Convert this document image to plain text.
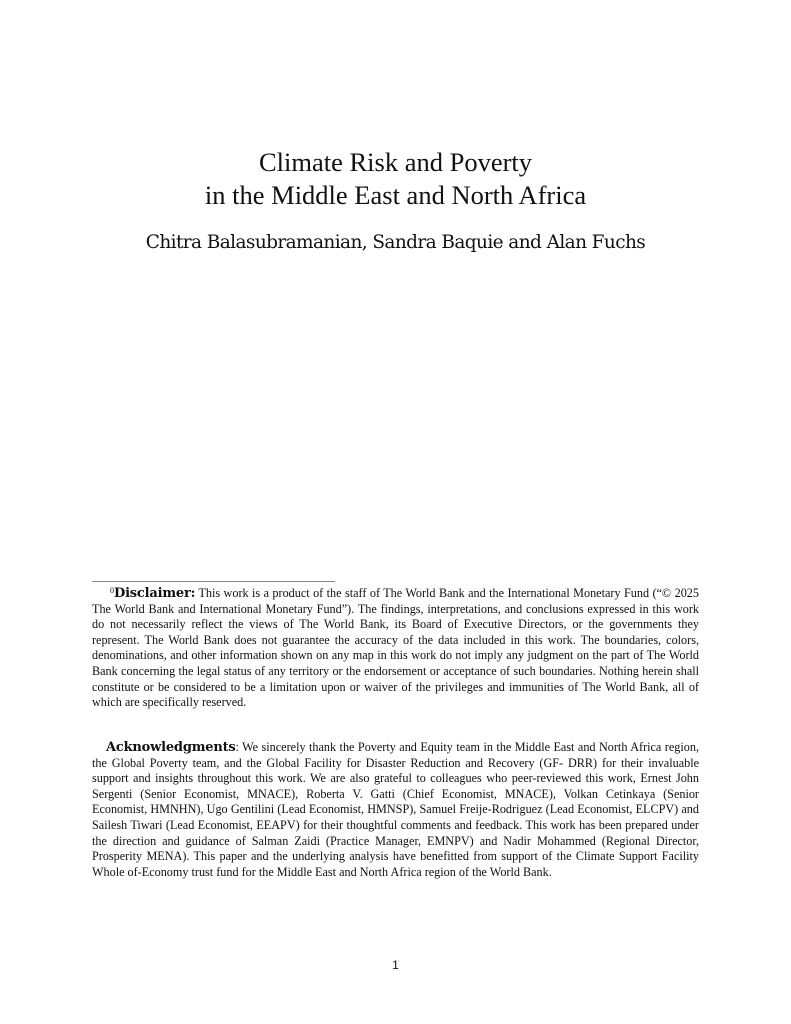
Climate Risk and Poverty
in the Middle East and North Africa
Chitra Balasubramanian, Sandra Baquie and Alan Fuchs

$^0$Disclaimer: This work is a product of the staff of The World Bank and the International Monetary Fund (“© 2025 The World Bank and International Monetary Fund”). The findings, interpretations, and conclusions expressed in this work do not necessarily reflect the views of The World Bank, its Board of Executive Directors, or the governments they represent. The World Bank does not guarantee the accuracy of the data included in this work. The boundaries, colors, denominations, and other information shown on any map in this work do not imply any judgment on the part of The World Bank concerning the legal status of any territory or the endorsement or acceptance of such boundaries. Nothing herein shall constitute or be considered to be a limitation upon or waiver of the privileges and immunities of The World Bank, all of which are specifically reserved.

Acknowledgments: We sincerely thank the Poverty and Equity team in the Middle East and North Africa region, the Global Poverty team, and the Global Facility for Disaster Reduction and Recovery (GF- DRR) for their invaluable support and insights throughout this work. We are also grateful to colleagues who peer-reviewed this work, Ernest John Sergenti (Senior Economist, MNACE), Roberta V. Gatti (Chief Economist, MNACE), Volkan Cetinkaya (Senior Economist, HMNHN), Ugo Gentilini (Lead Economist, HMNSP), Samuel Freije-Rodriguez (Lead Economist, ELCPV) and Sailesh Tiwari (Lead Economist, EEAPV) for their thoughtful comments and feedback. This work has been prepared under the direction and guidance of Salman Zaidi (Practice Manager, EMNPV) and Nadir Mohammed (Regional Director, Prosperity MENA). This paper and the underlying analysis have benefitted from support of the Climate Support Facility Whole of-Economy trust fund for the Middle East and North Africa region of the World Bank.

1
